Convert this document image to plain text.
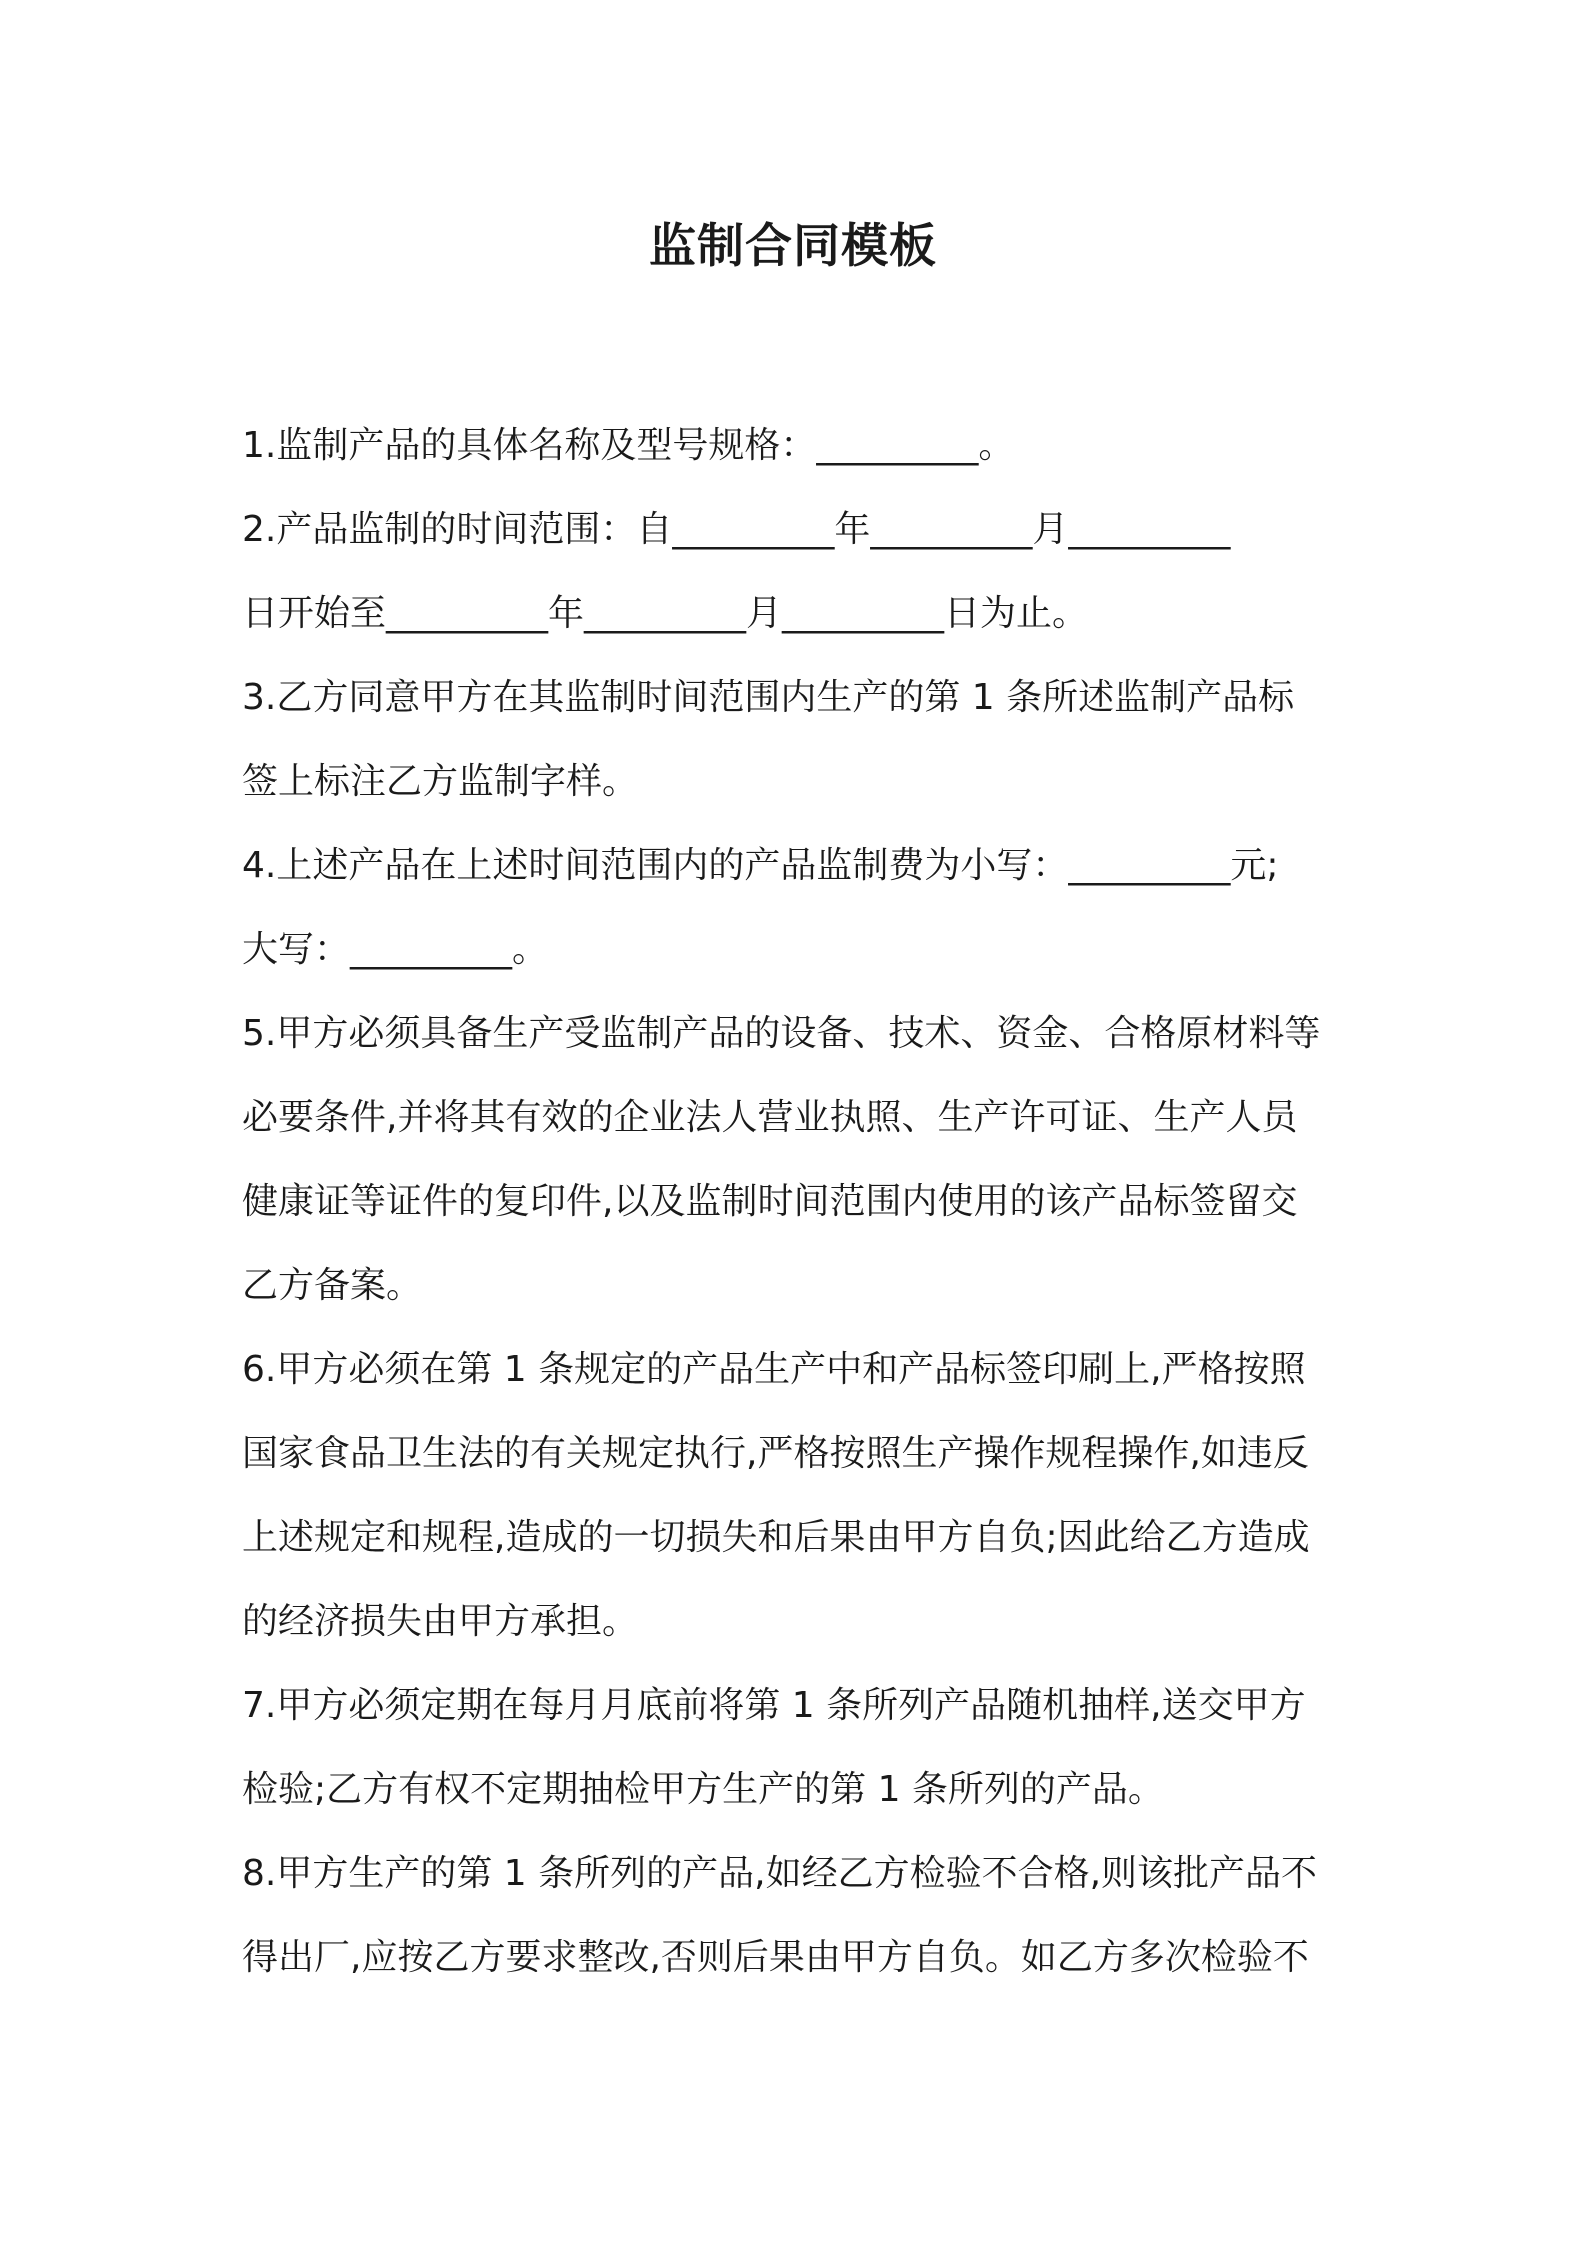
监制合同模板
1.监制产品的具体名称及型号规格：_________。
2.产品监制的时间范围：自_________年_________月_________
日开始至_________年_________月_________日为止。
3.乙方同意甲方在其监制时间范围内生产的第 1 条所述监制产品标
签上标注乙方监制字样。
4.上述产品在上述时间范围内的产品监制费为小写：_________元;
大写：_________。
5.甲方必须具备生产受监制产品的设备、技术、资金、合格原材料等
必要条件,并将其有效的企业法人营业执照、生产许可证、生产人员
健康证等证件的复印件,以及监制时间范围内使用的该产品标签留交
乙方备案。
6.甲方必须在第 1 条规定的产品生产中和产品标签印刷上,严格按照
国家食品卫生法的有关规定执行,严格按照生产操作规程操作,如违反
上述规定和规程,造成的一切损失和后果由甲方自负;因此给乙方造成
的经济损失由甲方承担。
7.甲方必须定期在每月月底前将第 1 条所列产品随机抽样,送交甲方
检验;乙方有权不定期抽检甲方生产的第 1 条所列的产品。
8.甲方生产的第 1 条所列的产品,如经乙方检验不合格,则该批产品不
得出厂,应按乙方要求整改,否则后果由甲方自负。如乙方多次检验不
